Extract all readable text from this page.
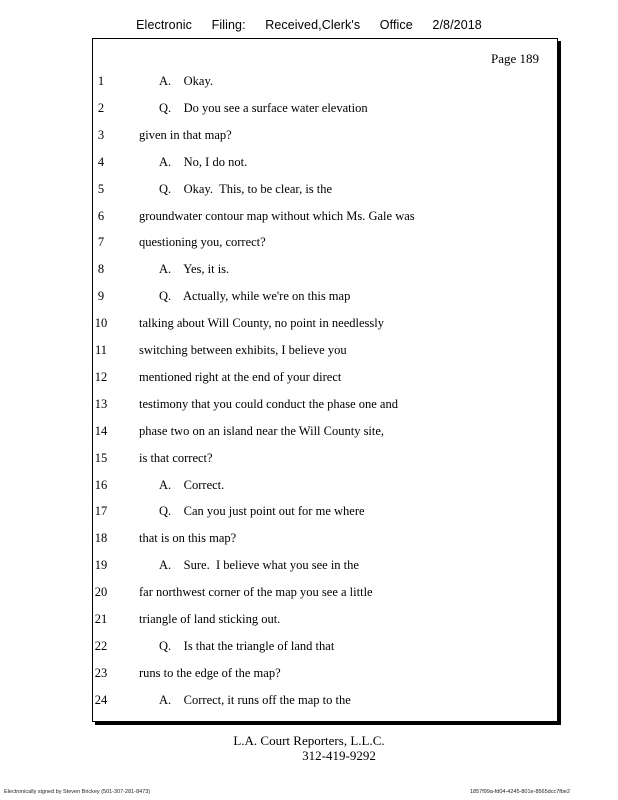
Electronic Filing: Received,Clerk's Office 2/8/2018
Page 189
1	A.    Okay.
2	Q.    Do you see a surface water elevation
3	given in that map?
4	A.    No, I do not.
5	Q.    Okay.  This, to be clear, is the
6	groundwater contour map without which Ms. Gale was
7	questioning you, correct?
8	A.    Yes, it is.
9	Q.    Actually, while we're on this map
10	talking about Will County, no point in needlessly
11	switching between exhibits, I believe you
12	mentioned right at the end of your direct
13	testimony that you could conduct the phase one and
14	phase two on an island near the Will County site,
15	is that correct?
16	A.    Correct.
17	Q.    Can you just point out for me where
18	that is on this map?
19	A.    Sure.  I believe what you see in the
20	far northwest corner of the map you see a little
21	triangle of land sticking out.
22	Q.    Is that the triangle of land that
23	runs to the edge of the map?
24	A.    Correct, it runs off the map to the
L.A. Court Reporters, L.L.C.
312-419-9292
Electronically signed by Steven Brickey (501-307-281-8473)	1857f99a-fd04-4245-801e-8565dcc7fbe2
